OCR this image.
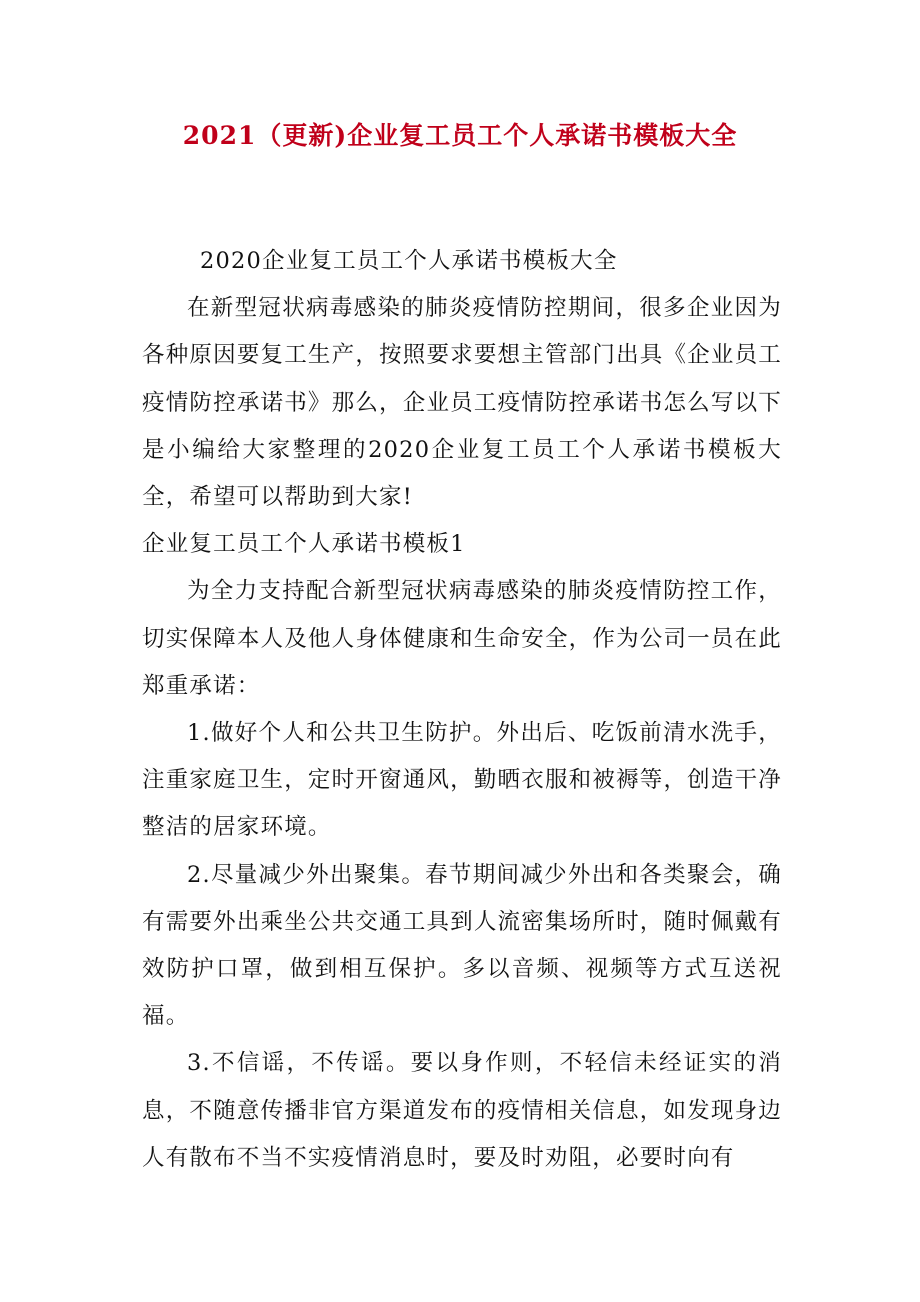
2021（更新)企业复工员工个人承诺书模板大全

2020企业复工员工个人承诺书模板大全

在新型冠状病毒感染的肺炎疫情防控期间，很多企业因为各种原因要复工生产，按照要求要想主管部门出具《企业员工疫情防控承诺书》那么，企业员工疫情防控承诺书怎么写以下是小编给大家整理的2020企业复工员工个人承诺书模板大全，希望可以帮助到大家!

企业复工员工个人承诺书模板1

为全力支持配合新型冠状病毒感染的肺炎疫情防控工作，切实保障本人及他人身体健康和生命安全，作为公司一员在此郑重承诺：

1.做好个人和公共卫生防护。外出后、吃饭前清水洗手，注重家庭卫生，定时开窗通风，勤晒衣服和被褥等，创造干净整洁的居家环境。

2.尽量减少外出聚集。春节期间减少外出和各类聚会，确有需要外出乘坐公共交通工具到人流密集场所时，随时佩戴有效防护口罩，做到相互保护。多以音频、视频等方式互送祝福。

3.不信谣，不传谣。要以身作则，不轻信未经证实的消息，不随意传播非官方渠道发布的疫情相关信息，如发现身边人有散布不当不实疫情消息时，要及时劝阻，必要时向有
